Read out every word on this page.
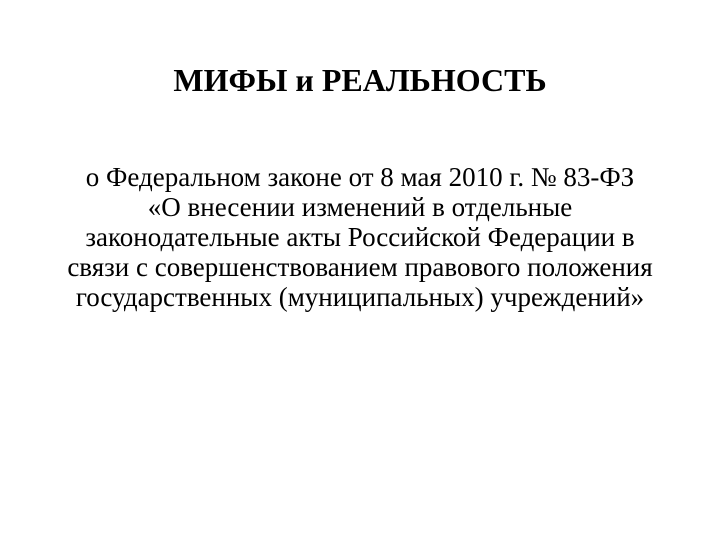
МИФЫ и РЕАЛЬНОСТЬ
о Федеральном законе от 8 мая 2010 г. № 83-ФЗ
«О внесении изменений в отдельные
законодательные акты Российской Федерации в
связи с совершенствованием правового положения
государственных (муниципальных) учреждений»
